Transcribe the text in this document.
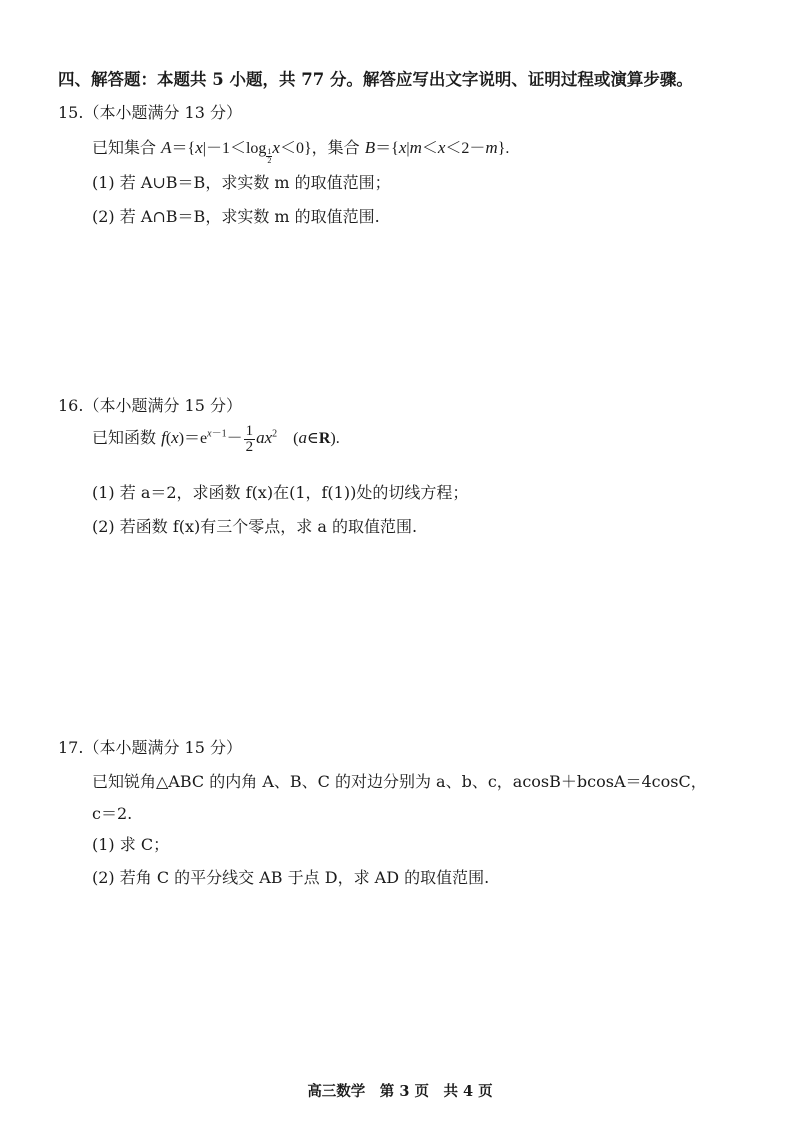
四、解答题：本题共 5 小题，共 77 分。解答应写出文字说明、证明过程或演算步骤。
15.（本小题满分 13 分）
已知集合 $A=\{x|-1<\log \frac{1}{2} x<0\}$，集合 B＝{x|m＜x＜2－m}.
(1) 若 A∪B＝B，求实数 m 的取值范围；
(2) 若 A∩B＝B，求实数 m 的取值范围.
16.（本小题满分 15 分）
已知函数 $f(x)=e^{x-1}- \frac{1}{2} ax^2$　(a∈R).
(1) 若 a＝2，求函数 f(x)在(1，f(1))处的切线方程；
(2) 若函数 f(x)有三个零点，求 a 的取值范围.
17.（本小题满分 15 分）
已知锐角△ABC 的内角 A、B、C 的对边分别为 a、b、c，acosB＋bcosA＝4cosC，
c＝2.
(1) 求 C；
(2) 若角 C 的平分线交 AB 于点 D，求 AD 的取值范围.
高三数学　第 3 页　共 4 页
